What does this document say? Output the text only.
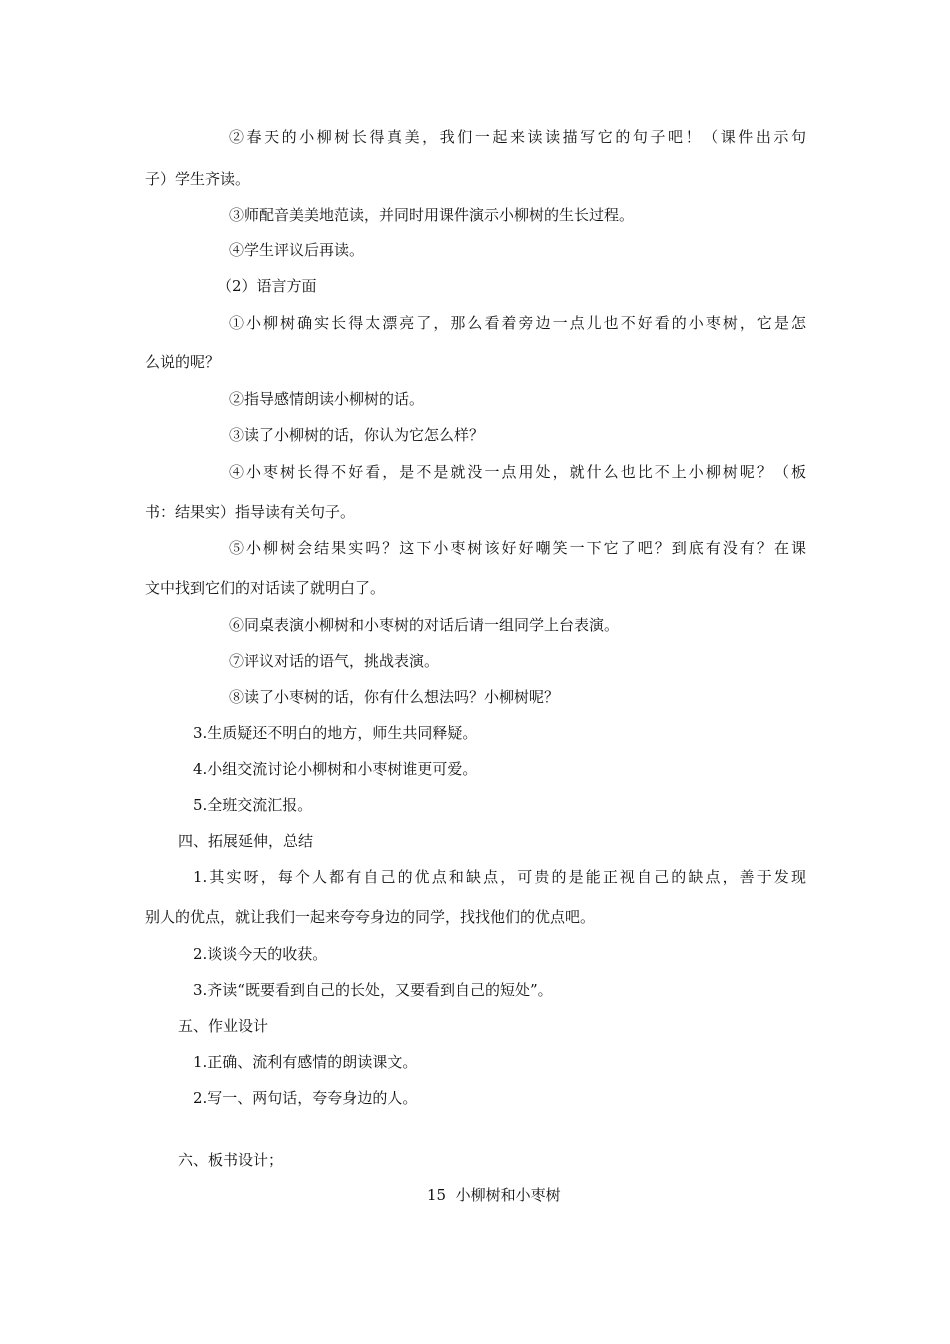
②春天的小柳树长得真美，我们一起来读读描写它的句子吧！（课件出示句
子）学生齐读。
③师配音美美地范读，并同时用课件演示小柳树的生长过程。
④学生评议后再读。
（2）语言方面
①小柳树确实长得太漂亮了，那么看着旁边一点儿也不好看的小枣树，它是怎
么说的呢？
②指导感情朗读小柳树的话。
③读了小柳树的话，你认为它怎么样？
④小枣树长得不好看，是不是就没一点用处，就什么也比不上小柳树呢？（板
书：结果实）指导读有关句子。
⑤小柳树会结果实吗？这下小枣树该好好嘲笑一下它了吧？到底有没有？在课
文中找到它们的对话读了就明白了。
⑥同桌表演小柳树和小枣树的对话后请一组同学上台表演。
⑦评议对话的语气，挑战表演。
⑧读了小枣树的话，你有什么想法吗？小柳树呢？
3.生质疑还不明白的地方，师生共同释疑。
4.小组交流讨论小柳树和小枣树谁更可爱。
5.全班交流汇报。
四、拓展延伸，总结
1.其实呀，每个人都有自己的优点和缺点，可贵的是能正视自己的缺点，善于发现
别人的优点，就让我们一起来夸夸身边的同学，找找他们的优点吧。
2.谈谈今天的收获。
3.齐读“既要看到自己的长处，又要看到自己的短处”。
五、作业设计
1.正确、流利有感情的朗读课文。
2.写一、两句话，夸夸身边的人。
六、板书设计；
15  小柳树和小枣树
